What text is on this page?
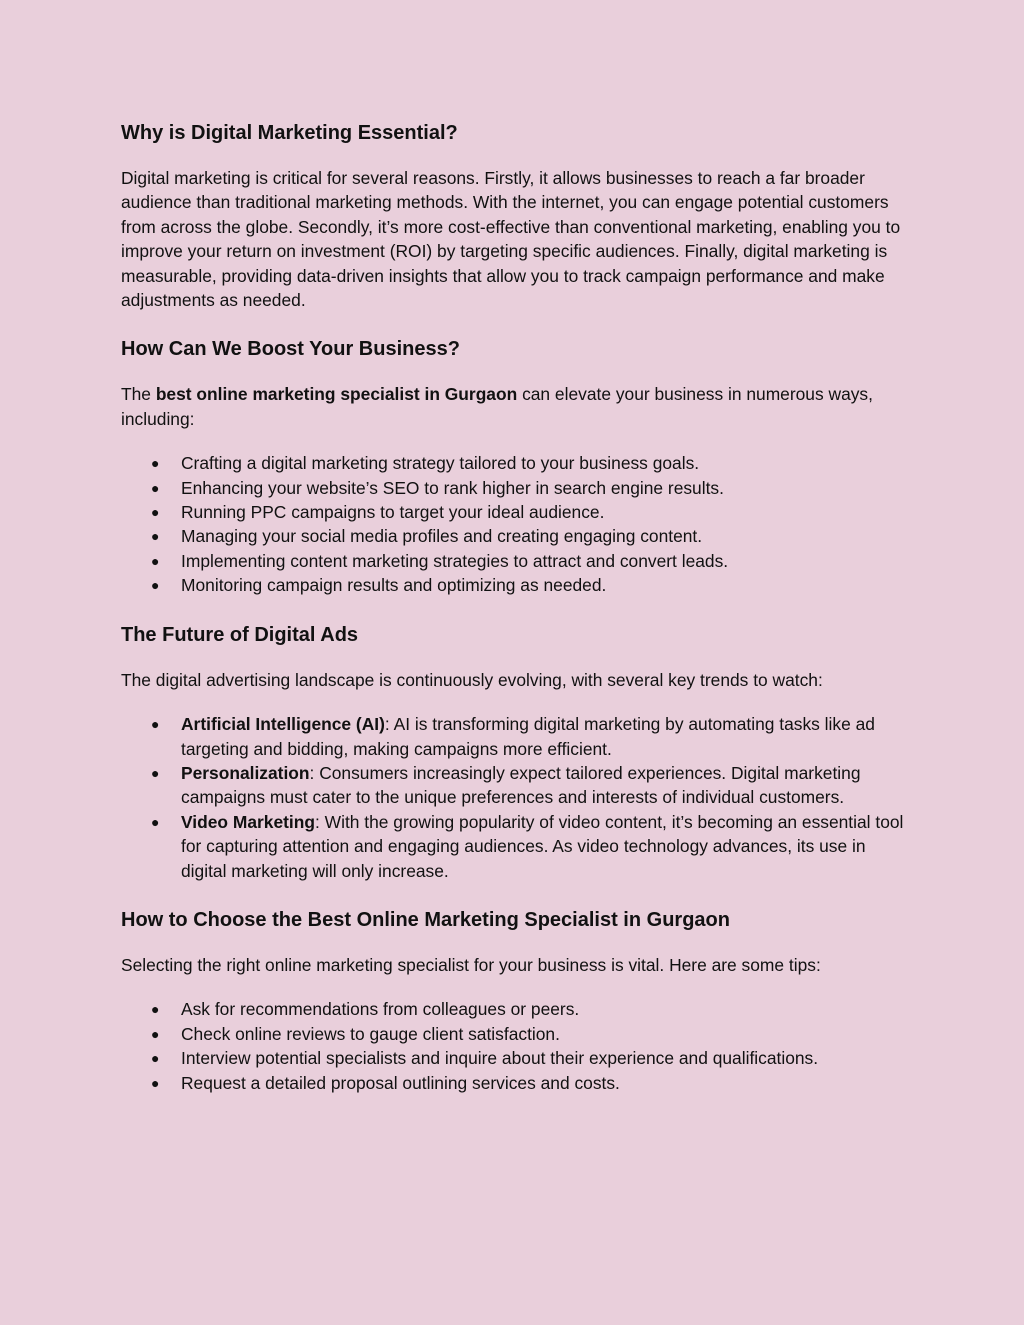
Why is Digital Marketing Essential?

Digital marketing is critical for several reasons. Firstly, it allows businesses to reach a far broader audience than traditional marketing methods. With the internet, you can engage potential customers from across the globe. Secondly, it’s more cost-effective than conventional marketing, enabling you to improve your return on investment (ROI) by targeting specific audiences. Finally, digital marketing is measurable, providing data-driven insights that allow you to track campaign performance and make adjustments as needed.

How Can We Boost Your Business?

The best online marketing specialist in Gurgaon can elevate your business in numerous ways, including:

● Crafting a digital marketing strategy tailored to your business goals.
● Enhancing your website’s SEO to rank higher in search engine results.
● Running PPC campaigns to target your ideal audience.
● Managing your social media profiles and creating engaging content.
● Implementing content marketing strategies to attract and convert leads.
● Monitoring campaign results and optimizing as needed.
The Future of Digital Ads

The digital advertising landscape is continuously evolving, with several key trends to watch:

● Artificial Intelligence (AI): AI is transforming digital marketing by automating tasks like ad targeting and bidding, making campaigns more efficient.
● Personalization: Consumers increasingly expect tailored experiences. Digital marketing campaigns must cater to the unique preferences and interests of individual customers.
● Video Marketing: With the growing popularity of video content, it’s becoming an essential tool for capturing attention and engaging audiences. As video technology advances, its use in digital marketing will only increase.
How to Choose the Best Online Marketing Specialist in Gurgaon

Selecting the right online marketing specialist for your business is vital. Here are some tips:

● Ask for recommendations from colleagues or peers.
● Check online reviews to gauge client satisfaction.
● Interview potential specialists and inquire about their experience and qualifications.
● Request a detailed proposal outlining services and costs.
